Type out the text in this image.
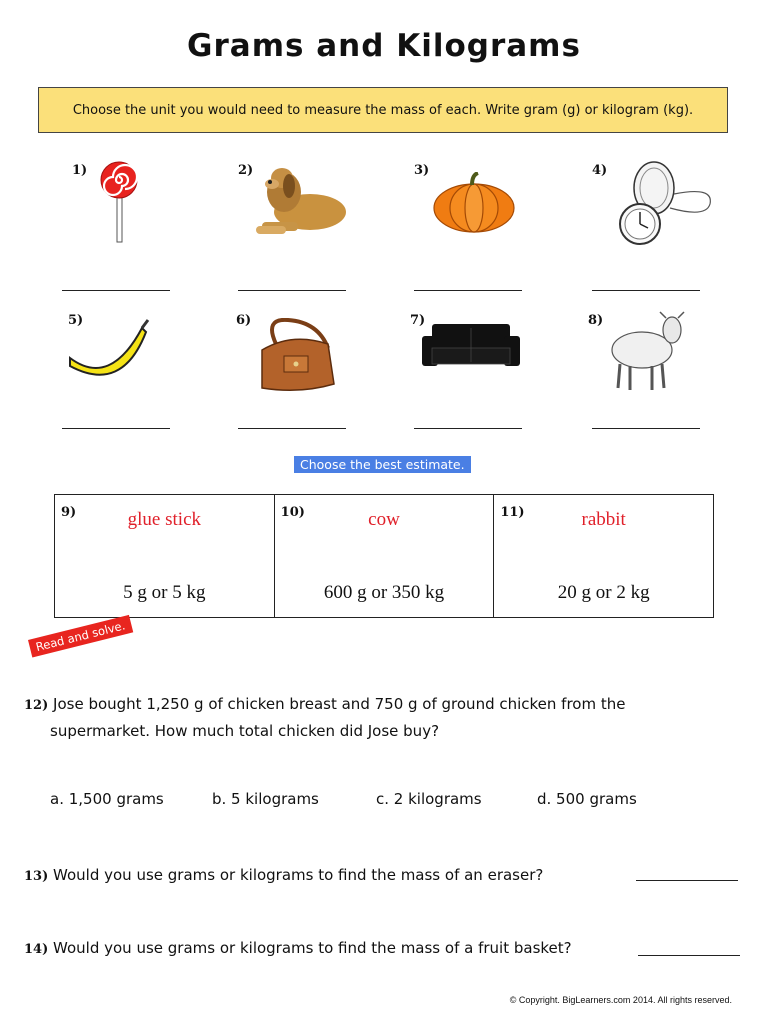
Grams and Kilograms
Choose the unit you would need to measure the mass of each. Write gram (g) or kilogram (kg).
1)	2)	3)	4)
5)	6)	7)	8)
Choose the best estimate.
9)	glue stick
5 g or 5 kg
10)	cow
600 g or 350 kg
11)	rabbit
20 g or 2 kg
Read and solve.
12) Jose bought 1,250 g of chicken breast and 750 g of ground chicken from the
supermarket. How much total chicken did Jose buy?
a. 1,500 grams	b. 5 kilograms	c. 2 kilograms	d. 500 grams
13) Would you use grams or kilograms to find the mass of an eraser?
14) Would you use grams or kilograms to find the mass of a fruit basket?
© Copyright. BigLearners.com 2014. All rights reserved.
